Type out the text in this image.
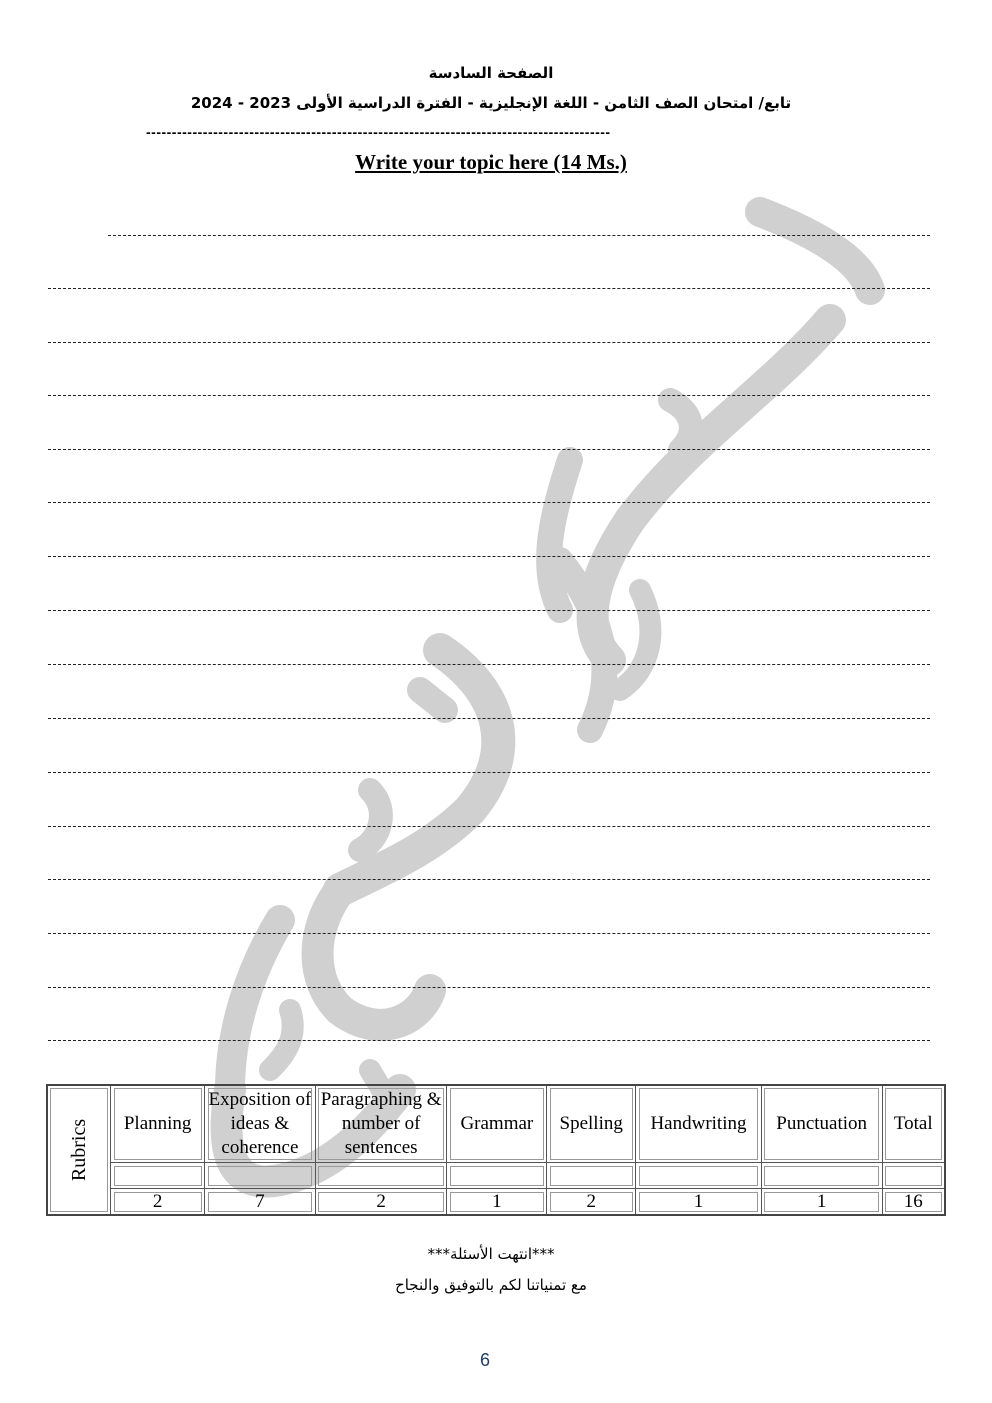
الصفحة السادسة
تابع/ امتحان الصف الثامن - اللغة الإنجليزية - الفترة الدراسية الأولى 2023 - 2024
------------------------------------------------------------------------------------------
Write your topic here (14 Ms.)
Rubrics	Planning	Exposition of ideas & coherence	Paragraphing & number of sentences	Grammar	Spelling	Handwriting	Punctuation	Total

	2	7	2	1	2	1	1	16
***انتهت الأسئلة***
مع تمنياتنا لكم بالتوفيق والنجاح
6
